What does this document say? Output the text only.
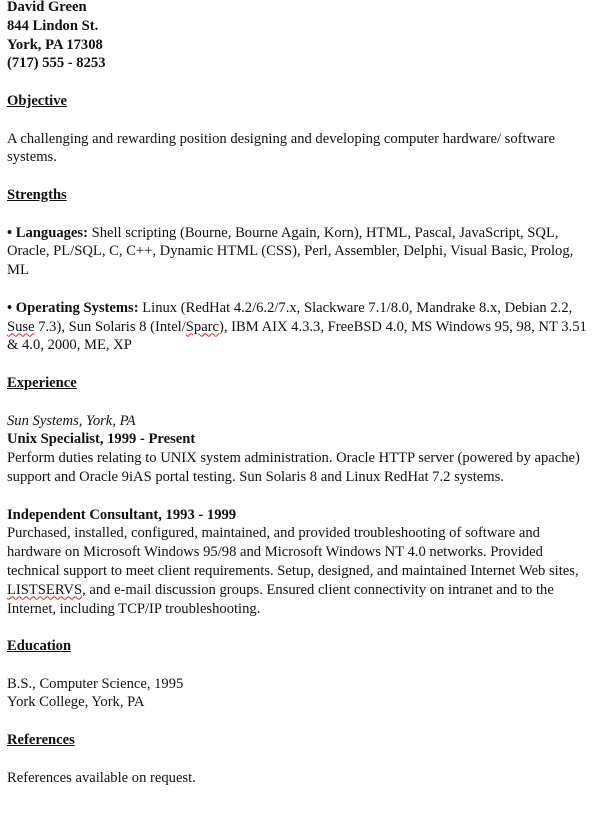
David Green
844 Lindon St.
York, PA 17308
(717) 555 - 8253
Objective
A challenging and rewarding position designing and developing computer hardware/ software systems.
Strengths
• Languages: Shell scripting (Bourne, Bourne Again, Korn), HTML, Pascal, JavaScript, SQL, Oracle, PL/SQL, C, C++, Dynamic HTML (CSS), Perl, Assembler, Delphi, Visual Basic, Prolog, ML
• Operating Systems: Linux (RedHat 4.2/6.2/7.x, Slackware 7.1/8.0, Mandrake 8.x, Debian 2.2, Suse 7.3), Sun Solaris 8 (Intel/Sparc), IBM AIX 4.3.3, FreeBSD 4.0, MS Windows 95, 98, NT 3.51 & 4.0, 2000, ME, XP
Experience
Sun Systems, York, PA
Unix Specialist, 1999 - Present
Perform duties relating to UNIX system administration. Oracle HTTP server (powered by apache) support and Oracle 9iAS portal testing. Sun Solaris 8 and Linux RedHat 7.2 systems.
Independent Consultant, 1993 - 1999
Purchased, installed, configured, maintained, and provided troubleshooting of software and hardware on Microsoft Windows 95/98 and Microsoft Windows NT 4.0 networks. Provided technical support to meet client requirements. Setup, designed, and maintained Internet Web sites, LISTSERVS, and e-mail discussion groups. Ensured client connectivity on intranet and to the Internet, including TCP/IP troubleshooting.
Education
B.S., Computer Science, 1995
York College, York, PA
References
References available on request.
